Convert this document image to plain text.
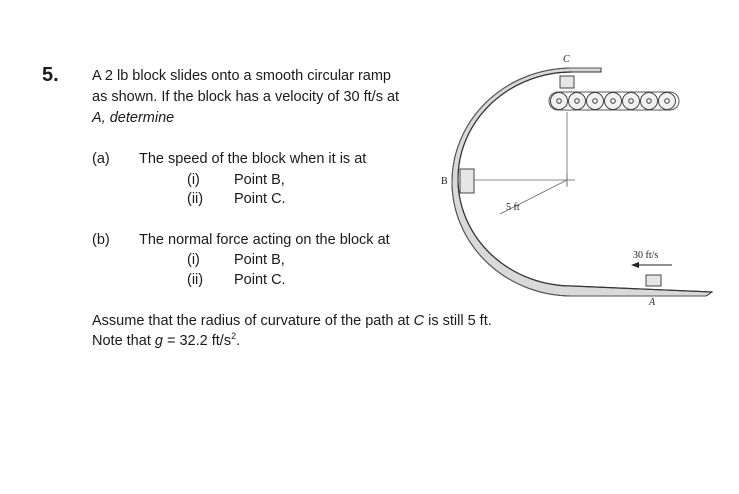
5. A 2 lb block slides onto a smooth circular ramp
as shown. If the block has a velocity of 30 ft/s at
A, determine
(a) The speed of the block when it is at
(i) Point B,
(ii) Point C.
(b) The normal force acting on the block at
(i) Point B,
(ii) Point C.
Assume that the radius of curvature of the path at C is still 5 ft.
Note that g = 32.2 $ft/s^2$.
C
B
A
5 ft
30 ft/s
